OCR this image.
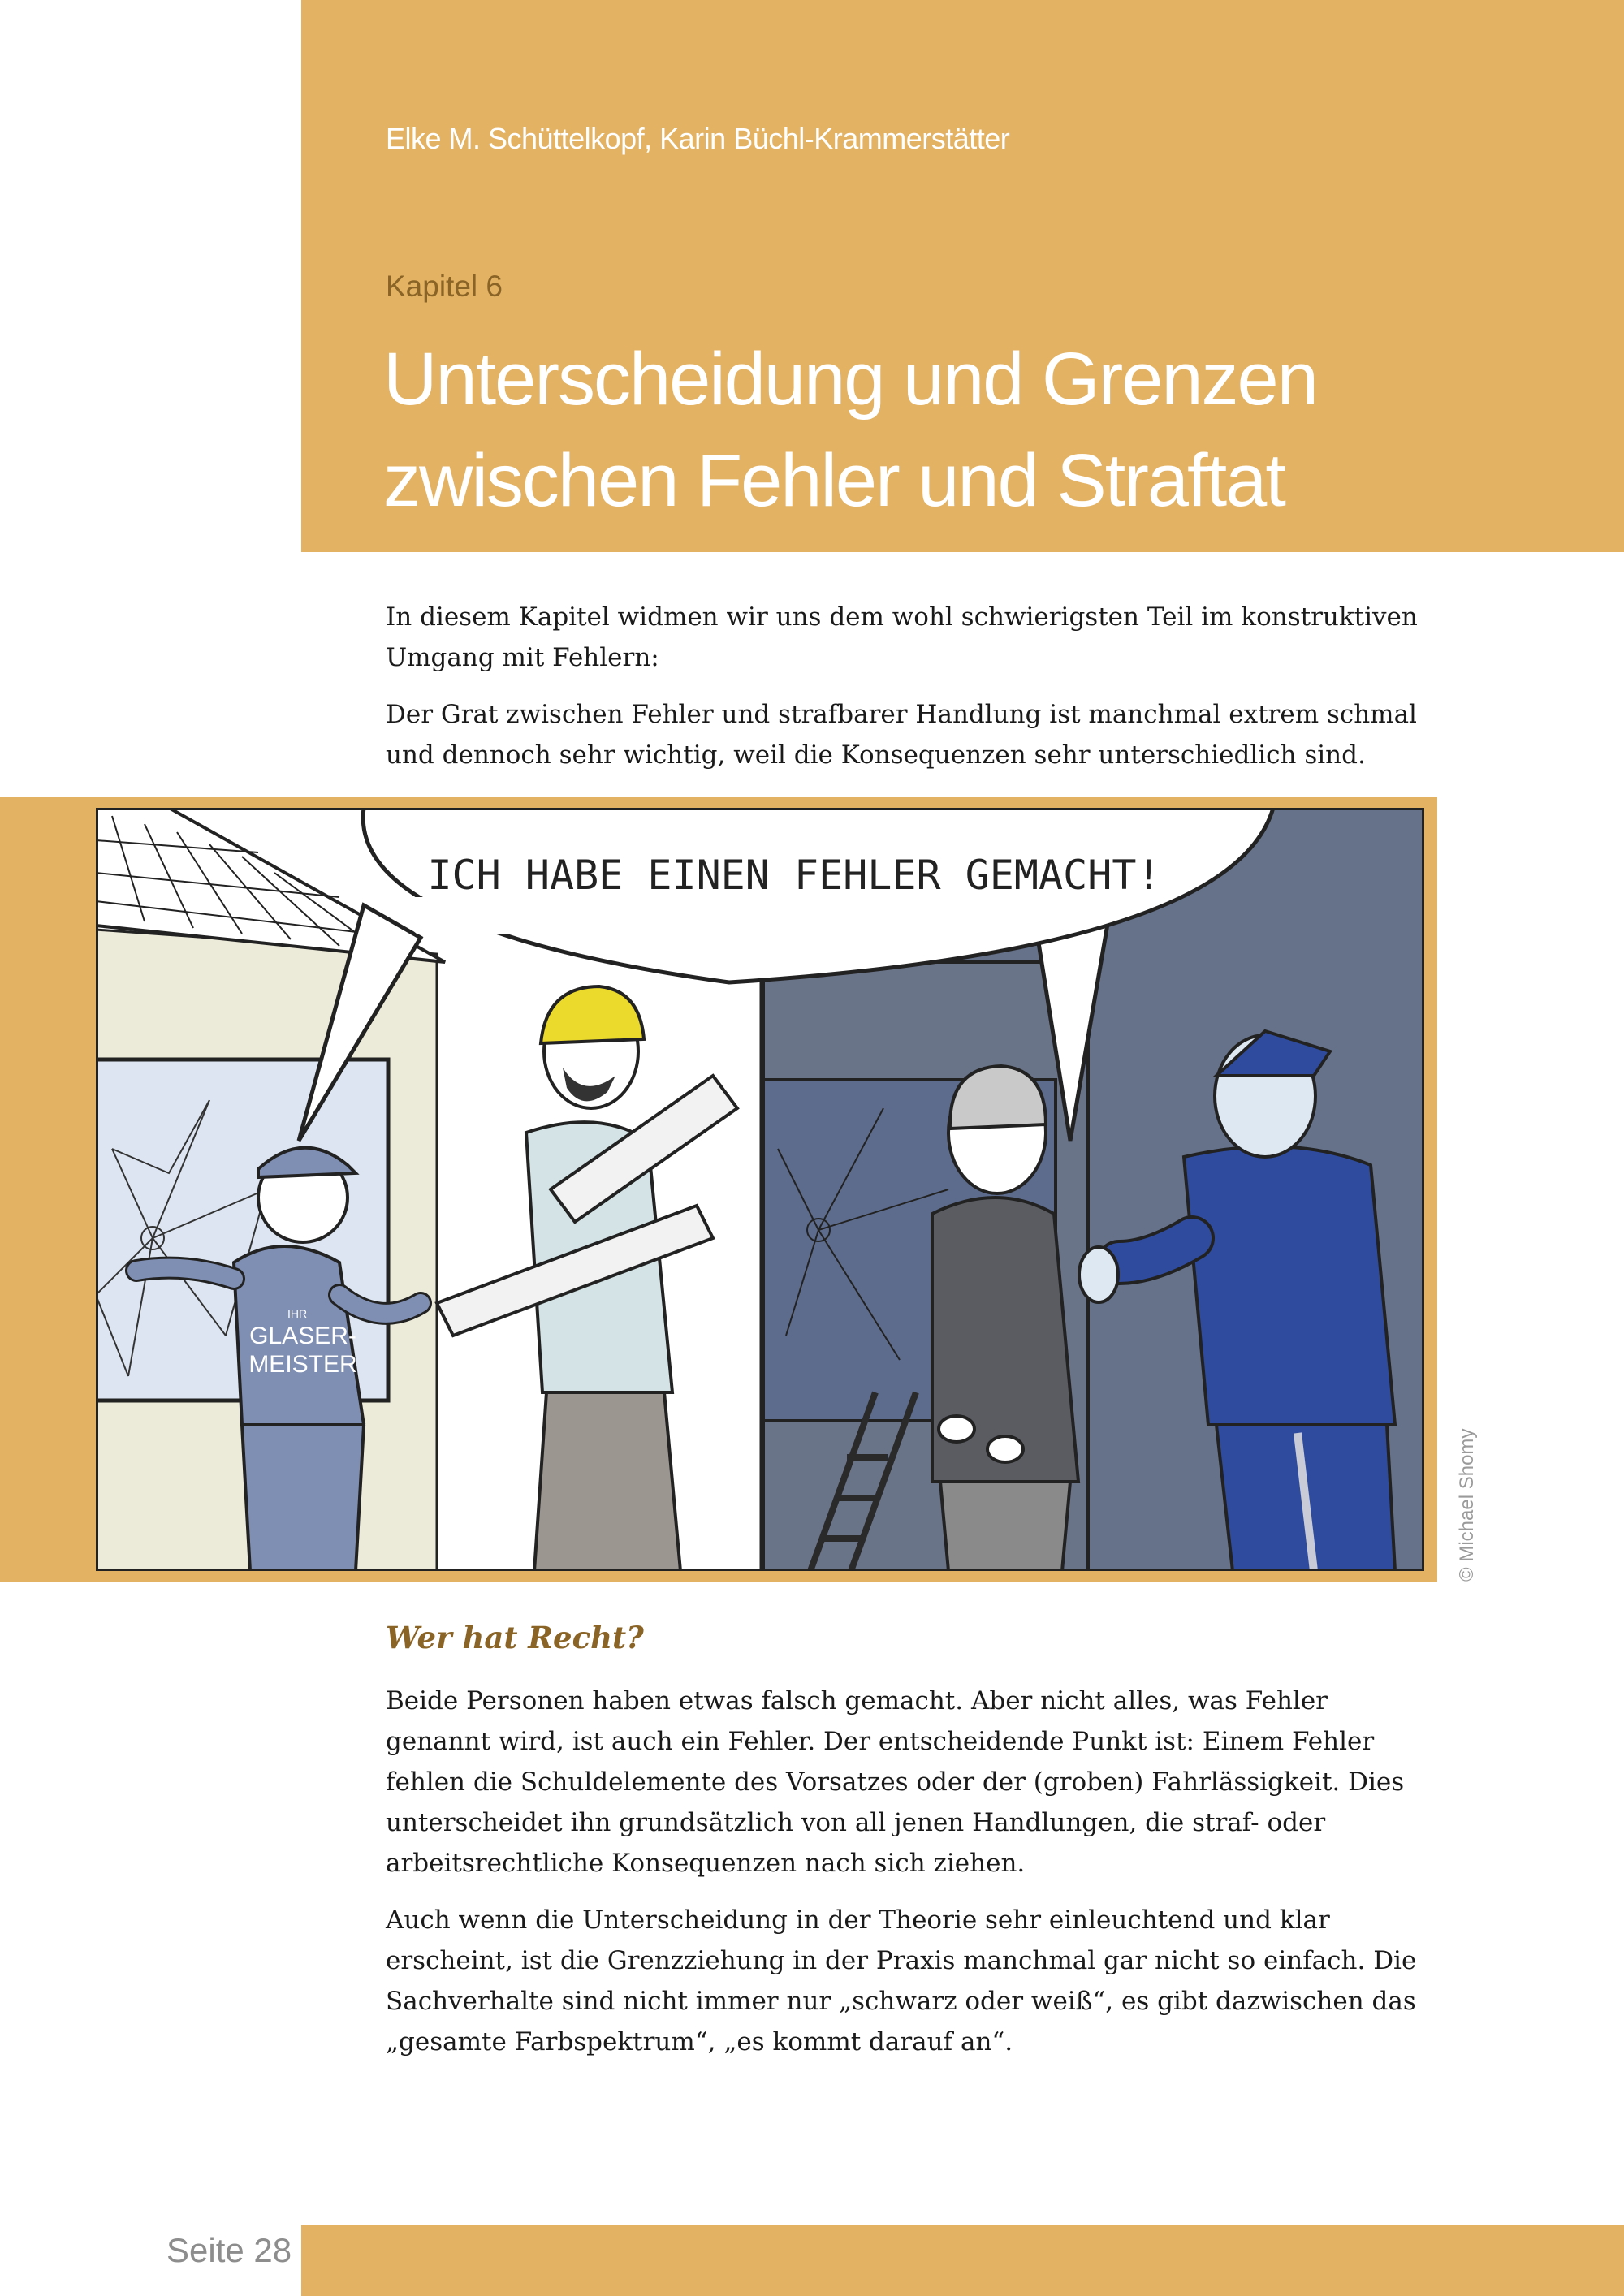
Elke M. Schüttelkopf, Karin Büchl-Krammerstätter
Kapitel 6
Unterscheidung und Grenzen
zwischen Fehler und Straftat

In diesem Kapitel widmen wir uns dem wohl schwierigsten Teil im konstruktiven Umgang mit Fehlern:

Der Grat zwischen Fehler und strafbarer Handlung ist manchmal extrem schmal und dennoch sehr wichtig, weil die Konsequenzen sehr unterschiedlich sind.

IHR
GLASER-
MEISTER
ICH HABE EINEN FEHLER GEMACHT!
© Michael Shomy
Wer hat Recht?

Beide Personen haben etwas falsch gemacht. Aber nicht alles, was Fehler genannt wird, ist auch ein Fehler. Der entscheidende Punkt ist: Einem Fehler fehlen die Schuldelemente des Vorsatzes oder der (groben) Fahrlässigkeit. Dies unterscheidet ihn grundsätzlich von all jenen Handlungen, die straf- oder arbeitsrechtliche Konsequenzen nach sich ziehen.

Auch wenn die Unterscheidung in der Theorie sehr einleuchtend und klar erscheint, ist die Grenzziehung in der Praxis manchmal gar nicht so einfach. Die Sachverhalte sind nicht immer nur „schwarz oder weiß“, es gibt dazwischen das „gesamte Farbspektrum“, „es kommt darauf an“.

Seite 28
